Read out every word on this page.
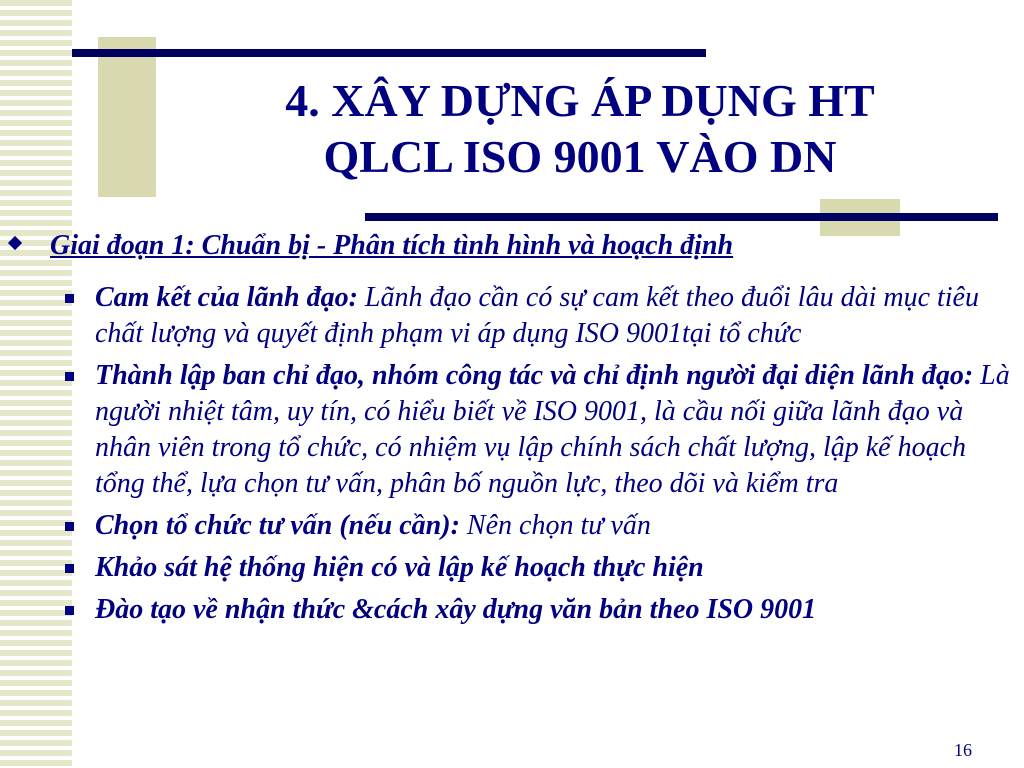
4. XÂY DỰNG ÁP DỤNG HT
QLCL ISO 9001 VÀO DN
Giai đoạn 1: Chuẩn bị - Phân tích tình hình và hoạch định
Cam kết của lãnh đạo: Lãnh đạo cần có sự cam kết theo đuổi lâu dài mục tiêu chất lượng và quyết định phạm vi áp dụng ISO 9001tại tổ chức
Thành lập ban chỉ đạo, nhóm công tác và chỉ định người đại diện lãnh đạo: Là người nhiệt tâm, uy tín, có hiểu biết về ISO 9001, là cầu nối giữa lãnh đạo và nhân viên trong tổ chức, có nhiệm vụ lập chính sách chất lượng, lập kế hoạch tổng thể, lựa chọn tư vấn, phân bố nguồn lực, theo dõi và kiểm tra
Chọn tổ chức tư vấn (nếu cần): Nên chọn tư vấn
Khảo sát hệ thống hiện có và lập kế hoạch thực hiện
Đào tạo về nhận thức &cách xây dựng văn bản theo ISO 9001
16
